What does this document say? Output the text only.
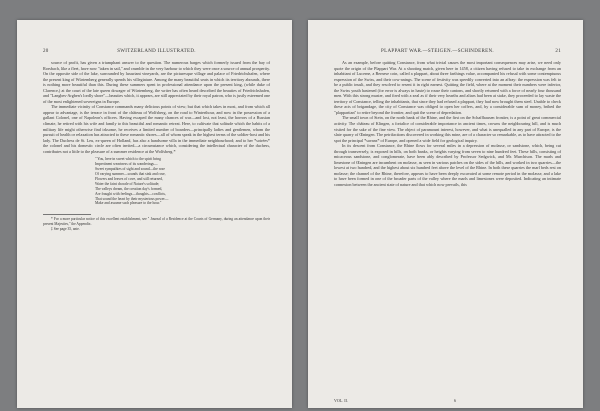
20	SWITZERLAND ILLUSTRATED.

source of profit, has given a triumphant answer to the question. The numerous barges which formerly issued from the bay of Rorsbach, like a fleet, have now "taken in sail," and crumble in the very harbour to which they were once a source of annual prosperity. On the opposite side of the lake, surrounded by luxuriant vineyards, are the picturesque village and palace of Friedrichshafen, where the present king of Würtemberg generally spends his villegiature. Among the many beautiful seats in which its territory abounds, there is nothing more beautiful than this. During these summers spent in professional attendance upon the present king, (while duke of Clarence,) at the court of the late queen dowager of Würtemberg, the writer has often heard described the beauties of Friedrichshafen, and "Langbes-Argben's lordly shore"—beauties which, it appears, are still appreciated by their royal patron, who is justly esteemed one of the most enlightened sovereigns in Europe.

The immediate vicinity of Constance commands many delicious points of view; but that which takes in most, and from which all appear to advantage, is the terrace in front of the château of Wolfsberg, on the road to Winterthour, and now in the possession of a gallant Colonel, one of Napoleon's officers. Having escaped the many chances of war—and lost, not least, the horrors of a Russian climate, he retired with his wife and family to this beautiful and romantic retreat. Here, to cultivate that solitude which the habits of a military life might otherwise find irksome, he receives a limited number of boarders—principally ladies and gentlemen, whom the pursuit of health or relaxation has attracted to these romantic shores—all of whom speak in the highest terms of the soldier-host and his lady. The Duchess de St. Leu, ex-queen of Holland, has also a handsome villa in the immediate neighbourhood; and to her *soirées* the colonel and his domestic circle are often invited—a circumstance which, considering the intellectual character of the duchess, contributes not a little to the pleasure of a summer residence at the Wolfsberg.*

" You, here in sweet which to the spirit bring
Impertinent weariness of its wanderings—
Sweet sympathies of sight and sound—the rose
Of varying summer—sounds that sink and rose,
Flowers and leaves of cove, and still returned,
Water the faint chorale of Nature's solitude;
The valleys dream, the creation day's formed,
Are fraught with feelings—thoughts—conflicts,
That sound the heart by their mysterious power—
Make and assume such pleasure to the hour."

* For a more particular notice of this excellent establishment, see " Journal of a Residence at the Courts of Germany, during an attendance upon their present Majesties," the Appendix.

‡ See page 35, ante.

PLAPPART WAR.—STEIGEN.—SCHINDEREN.	21

As an example, before quitting Constance, from what trivial causes the most important consequences may arise, we need only quote the origin of the Plappart War. At a shooting match, given here in 1458, a citizen having refused to take in exchange from an inhabitant of Lucerne, a Bernese coin, called a plappart, about three farthings value, accompanied his refusal with some contemptuous expression of the Swiss, and their cow-anings. The scene of festivity was speedily converted into an affray: the expression was felt to be a public insult, and they resolved to resent it in right earnest. Quitting the field, where at the moment their numbers were inferior, the Swiss youth hastened (for error is always in haste) to rouse their cantons, and shortly returned with a force of nearly four thousand men. With this strong muster, and fired with a zeal as if their very hearths and altars had been at stake, they proceeded to lay waste the territory of Constance, telling the inhabitants, that since they had refused a plappart, they had now brought them steel. Unable to check these acts of brigandage, the city of Constance was obliged to open her coffers, and, by a considerable sum of money, bribed the "plappartian" to retire beyond the frontier, and quit the scene of depredation.

The small town of Stein, on the north bank of the Rhine, and the first on the Schaffhausen frontier, is a point of great commercial activity. The château of Klingen, a fortalice of considerable importance in ancient times, crowns the neighbouring hill, and is much visited for the sake of the fine view. The object of paramount interest, however, and what is unequalled in any part of Europe, is the slate quarry of Œningen. The petrifactions discovered in working this mine, are of a character so remarkable, as to have attracted to the spot the principal *savans* of Europe, and opened a wide field for geological inquiry.

In its descent from Constance, the Rhine flows for several miles in a depression of molasse, or sandstone, which, being cut through transversely, is exposed in hills, on both banks, or heights varying from seven to nine hundred feet. These hills, consisting of micaceous sandstone, and conglomerate, have been ably described by Professor Sedgwick, and Mr. Murchison. The marls and limestone of Œningen are incumbent on molasse, as seen in various patches on the sides of the hills, and worked in two quarries—the lowest at two hundred, and the highest about six hundred feet above the level of the Rhine. In both these quarries the marl beds rest on molasse; the channel of the Rhine, therefore, appears to have been deeply excavated at some remote period in the molasse, and a lake to have been formed in one of the broader parts of the valley where the marls and limestones were deposited. Indicating an intimate connexion between the ancient state of nature and that which now prevails, this

VOL. II.	6
